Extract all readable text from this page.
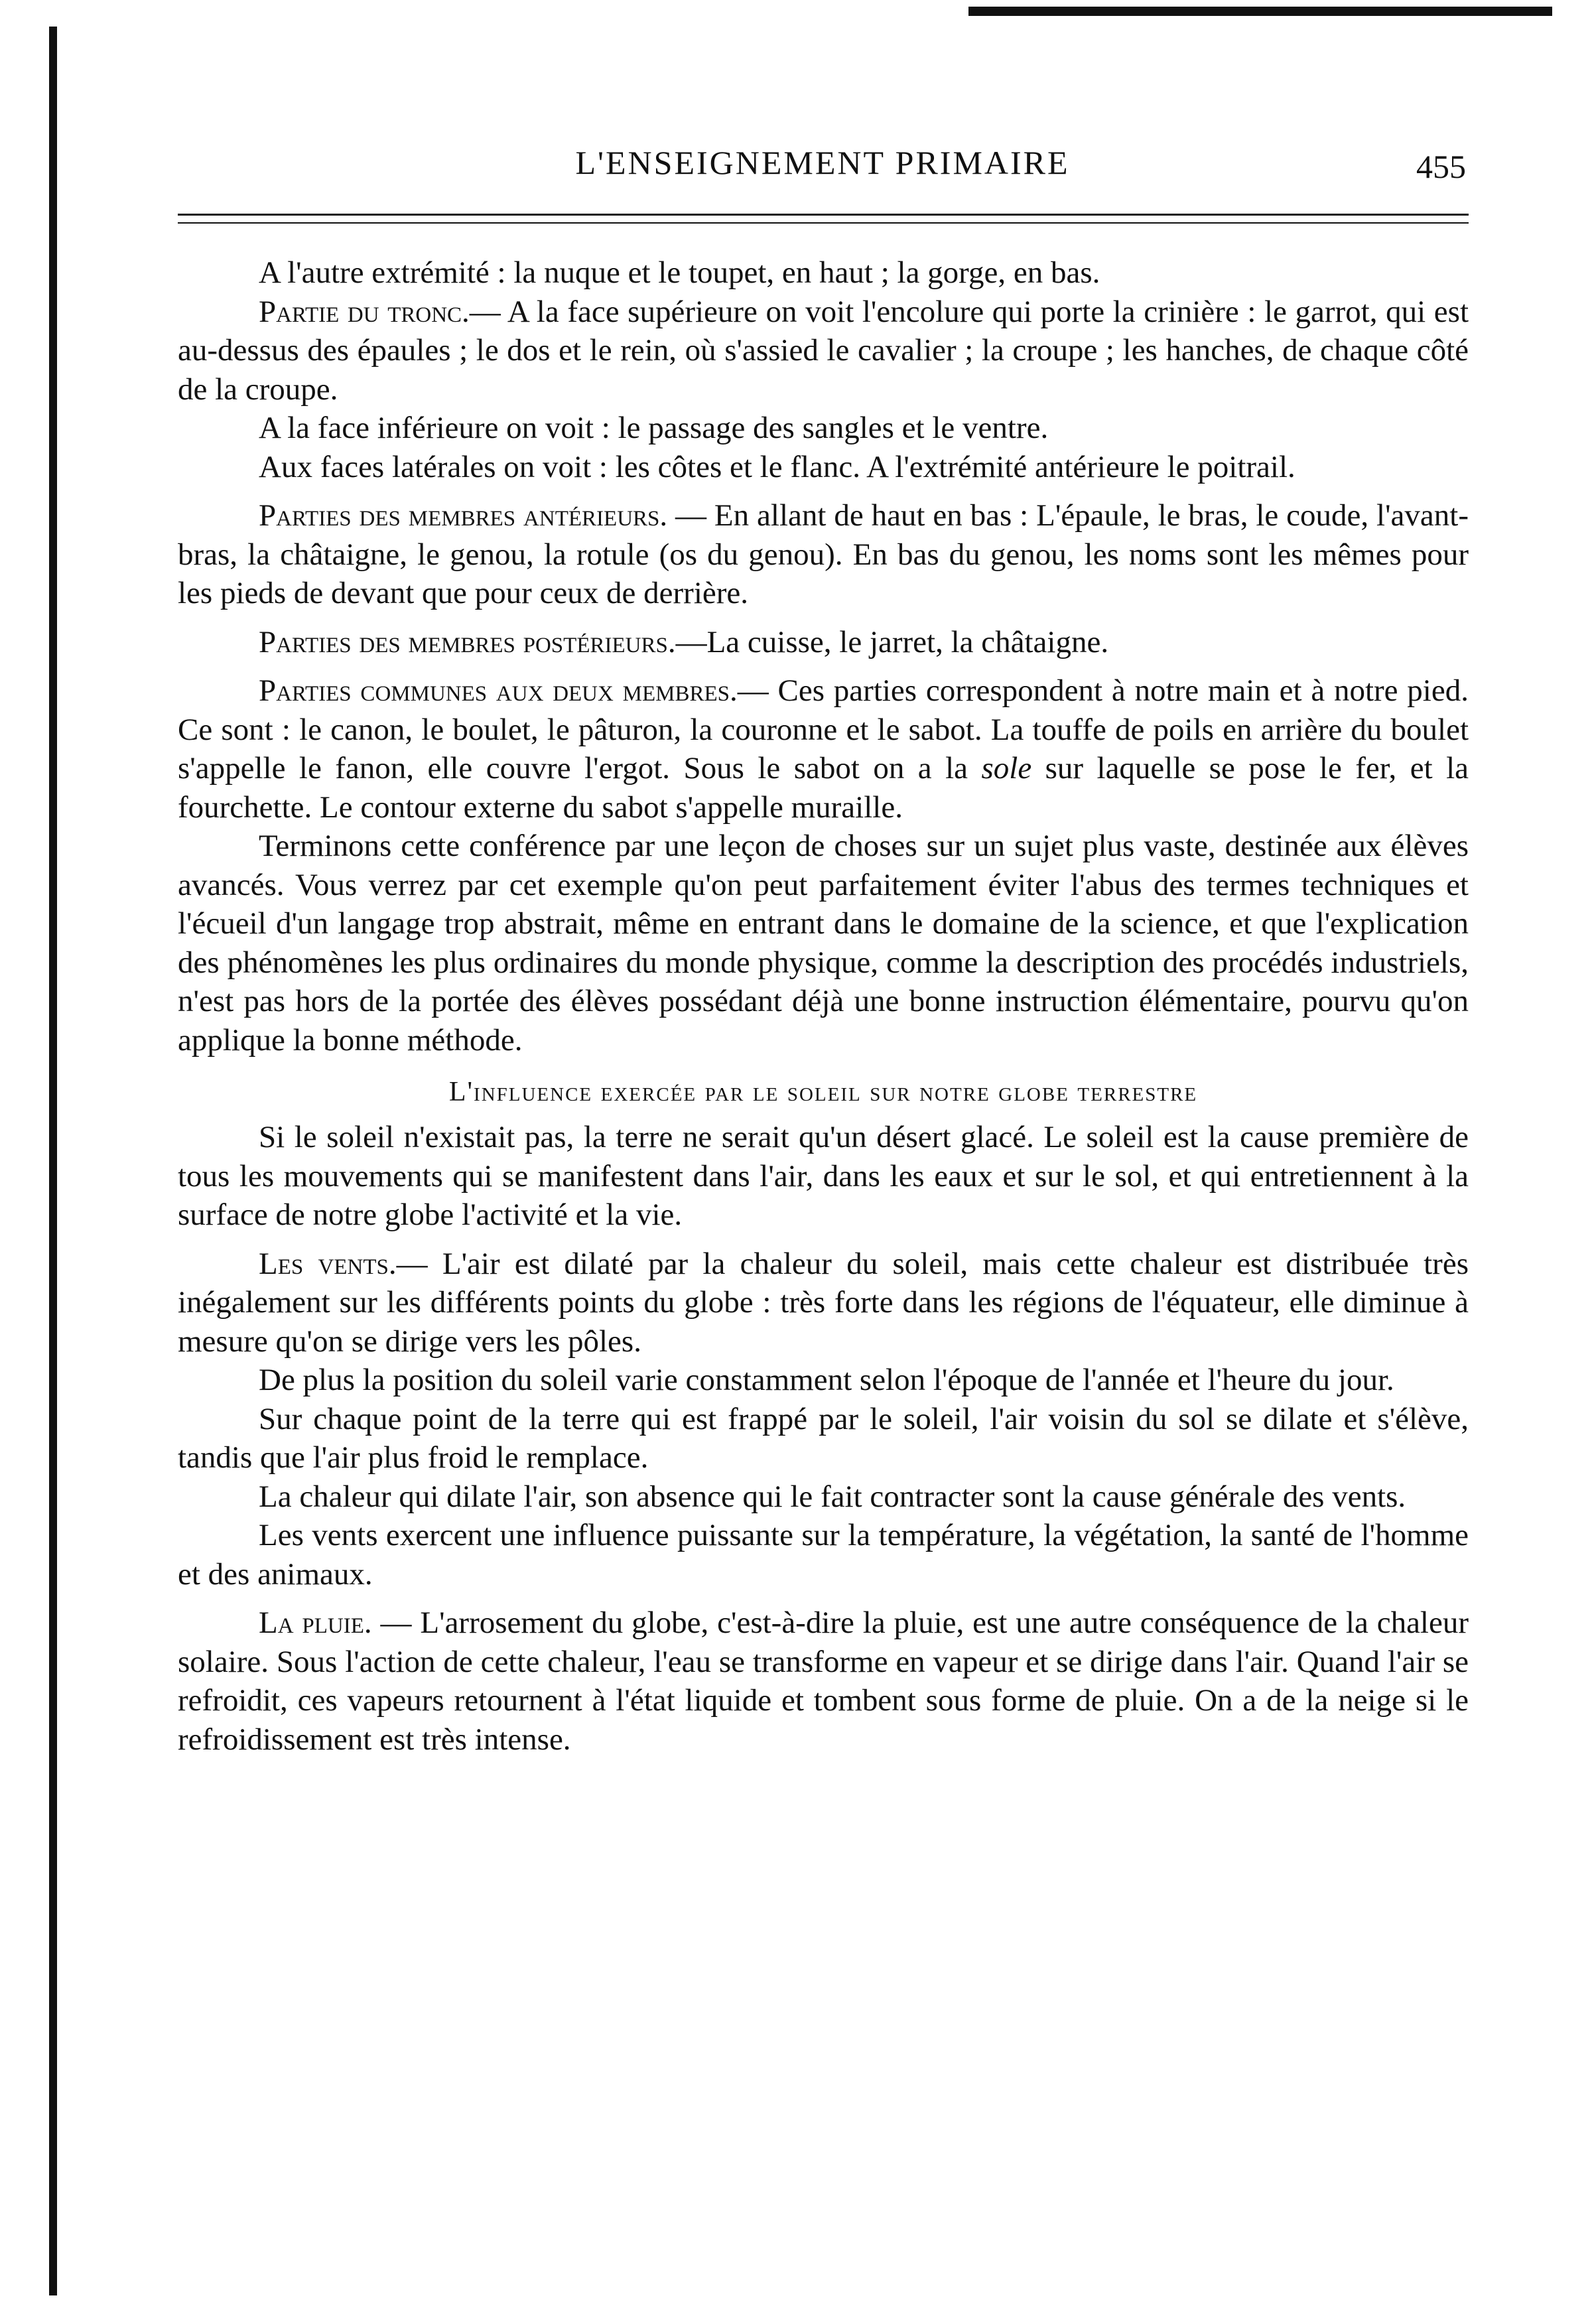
L'ENSEIGNEMENT PRIMAIRE	455

A l'autre extrémité : la nuque et le toupet, en haut ; la gorge, en bas.

Partie du tronc.— A la face supérieure on voit l'encolure qui porte la crinière : le garrot, qui est au-dessus des épaules ; le dos et le rein, où s'assied le cavalier ; la croupe ; les hanches, de chaque côté de la croupe.

A la face inférieure on voit : le passage des sangles et le ventre.

Aux faces latérales on voit : les côtes et le flanc. A l'extrémité antérieure le poitrail.

Parties des membres antérieurs. — En allant de haut en bas : L'épaule, le bras, le coude, l'avant-bras, la châtaigne, le genou, la rotule (os du genou). En bas du genou, les noms sont les mêmes pour les pieds de devant que pour ceux de derrière.

Parties des membres postérieurs.—La cuisse, le jarret, la châtaigne.

Parties communes aux deux membres.— Ces parties correspondent à notre main et à notre pied. Ce sont : le canon, le boulet, le pâturon, la couronne et le sabot. La touffe de poils en arrière du boulet s'appelle le fanon, elle couvre l'ergot. Sous le sabot on a la sole sur laquelle se pose le fer, et la fourchette. Le contour externe du sabot s'appelle muraille.

Terminons cette conférence par une leçon de choses sur un sujet plus vaste, destinée aux élèves avancés. Vous verrez par cet exemple qu'on peut parfaitement éviter l'abus des termes techniques et l'écueil d'un langage trop abstrait, même en entrant dans le domaine de la science, et que l'explication des phénomènes les plus ordinaires du monde physique, comme la description des procédés industriels, n'est pas hors de la portée des élèves possédant déjà une bonne instruction élémentaire, pourvu qu'on applique la bonne méthode.

L'influence exercée par le soleil sur notre globe terrestre

Si le soleil n'existait pas, la terre ne serait qu'un désert glacé. Le soleil est la cause première de tous les mouvements qui se manifestent dans l'air, dans les eaux et sur le sol, et qui entretiennent à la surface de notre globe l'activité et la vie.

Les vents.— L'air est dilaté par la chaleur du soleil, mais cette chaleur est distribuée très inégalement sur les différents points du globe : très forte dans les régions de l'équateur, elle diminue à mesure qu'on se dirige vers les pôles.

De plus la position du soleil varie constamment selon l'époque de l'année et l'heure du jour.

Sur chaque point de la terre qui est frappé par le soleil, l'air voisin du sol se dilate et s'élève, tandis que l'air plus froid le remplace.

La chaleur qui dilate l'air, son absence qui le fait contracter sont la cause générale des vents.

Les vents exercent une influence puissante sur la température, la végétation, la santé de l'homme et des animaux.

La pluie. — L'arrosement du globe, c'est-à-dire la pluie, est une autre conséquence de la chaleur solaire. Sous l'action de cette chaleur, l'eau se transforme en vapeur et se dirige dans l'air. Quand l'air se refroidit, ces vapeurs retournent à l'état liquide et tombent sous forme de pluie. On a de la neige si le refroidissement est très intense.
